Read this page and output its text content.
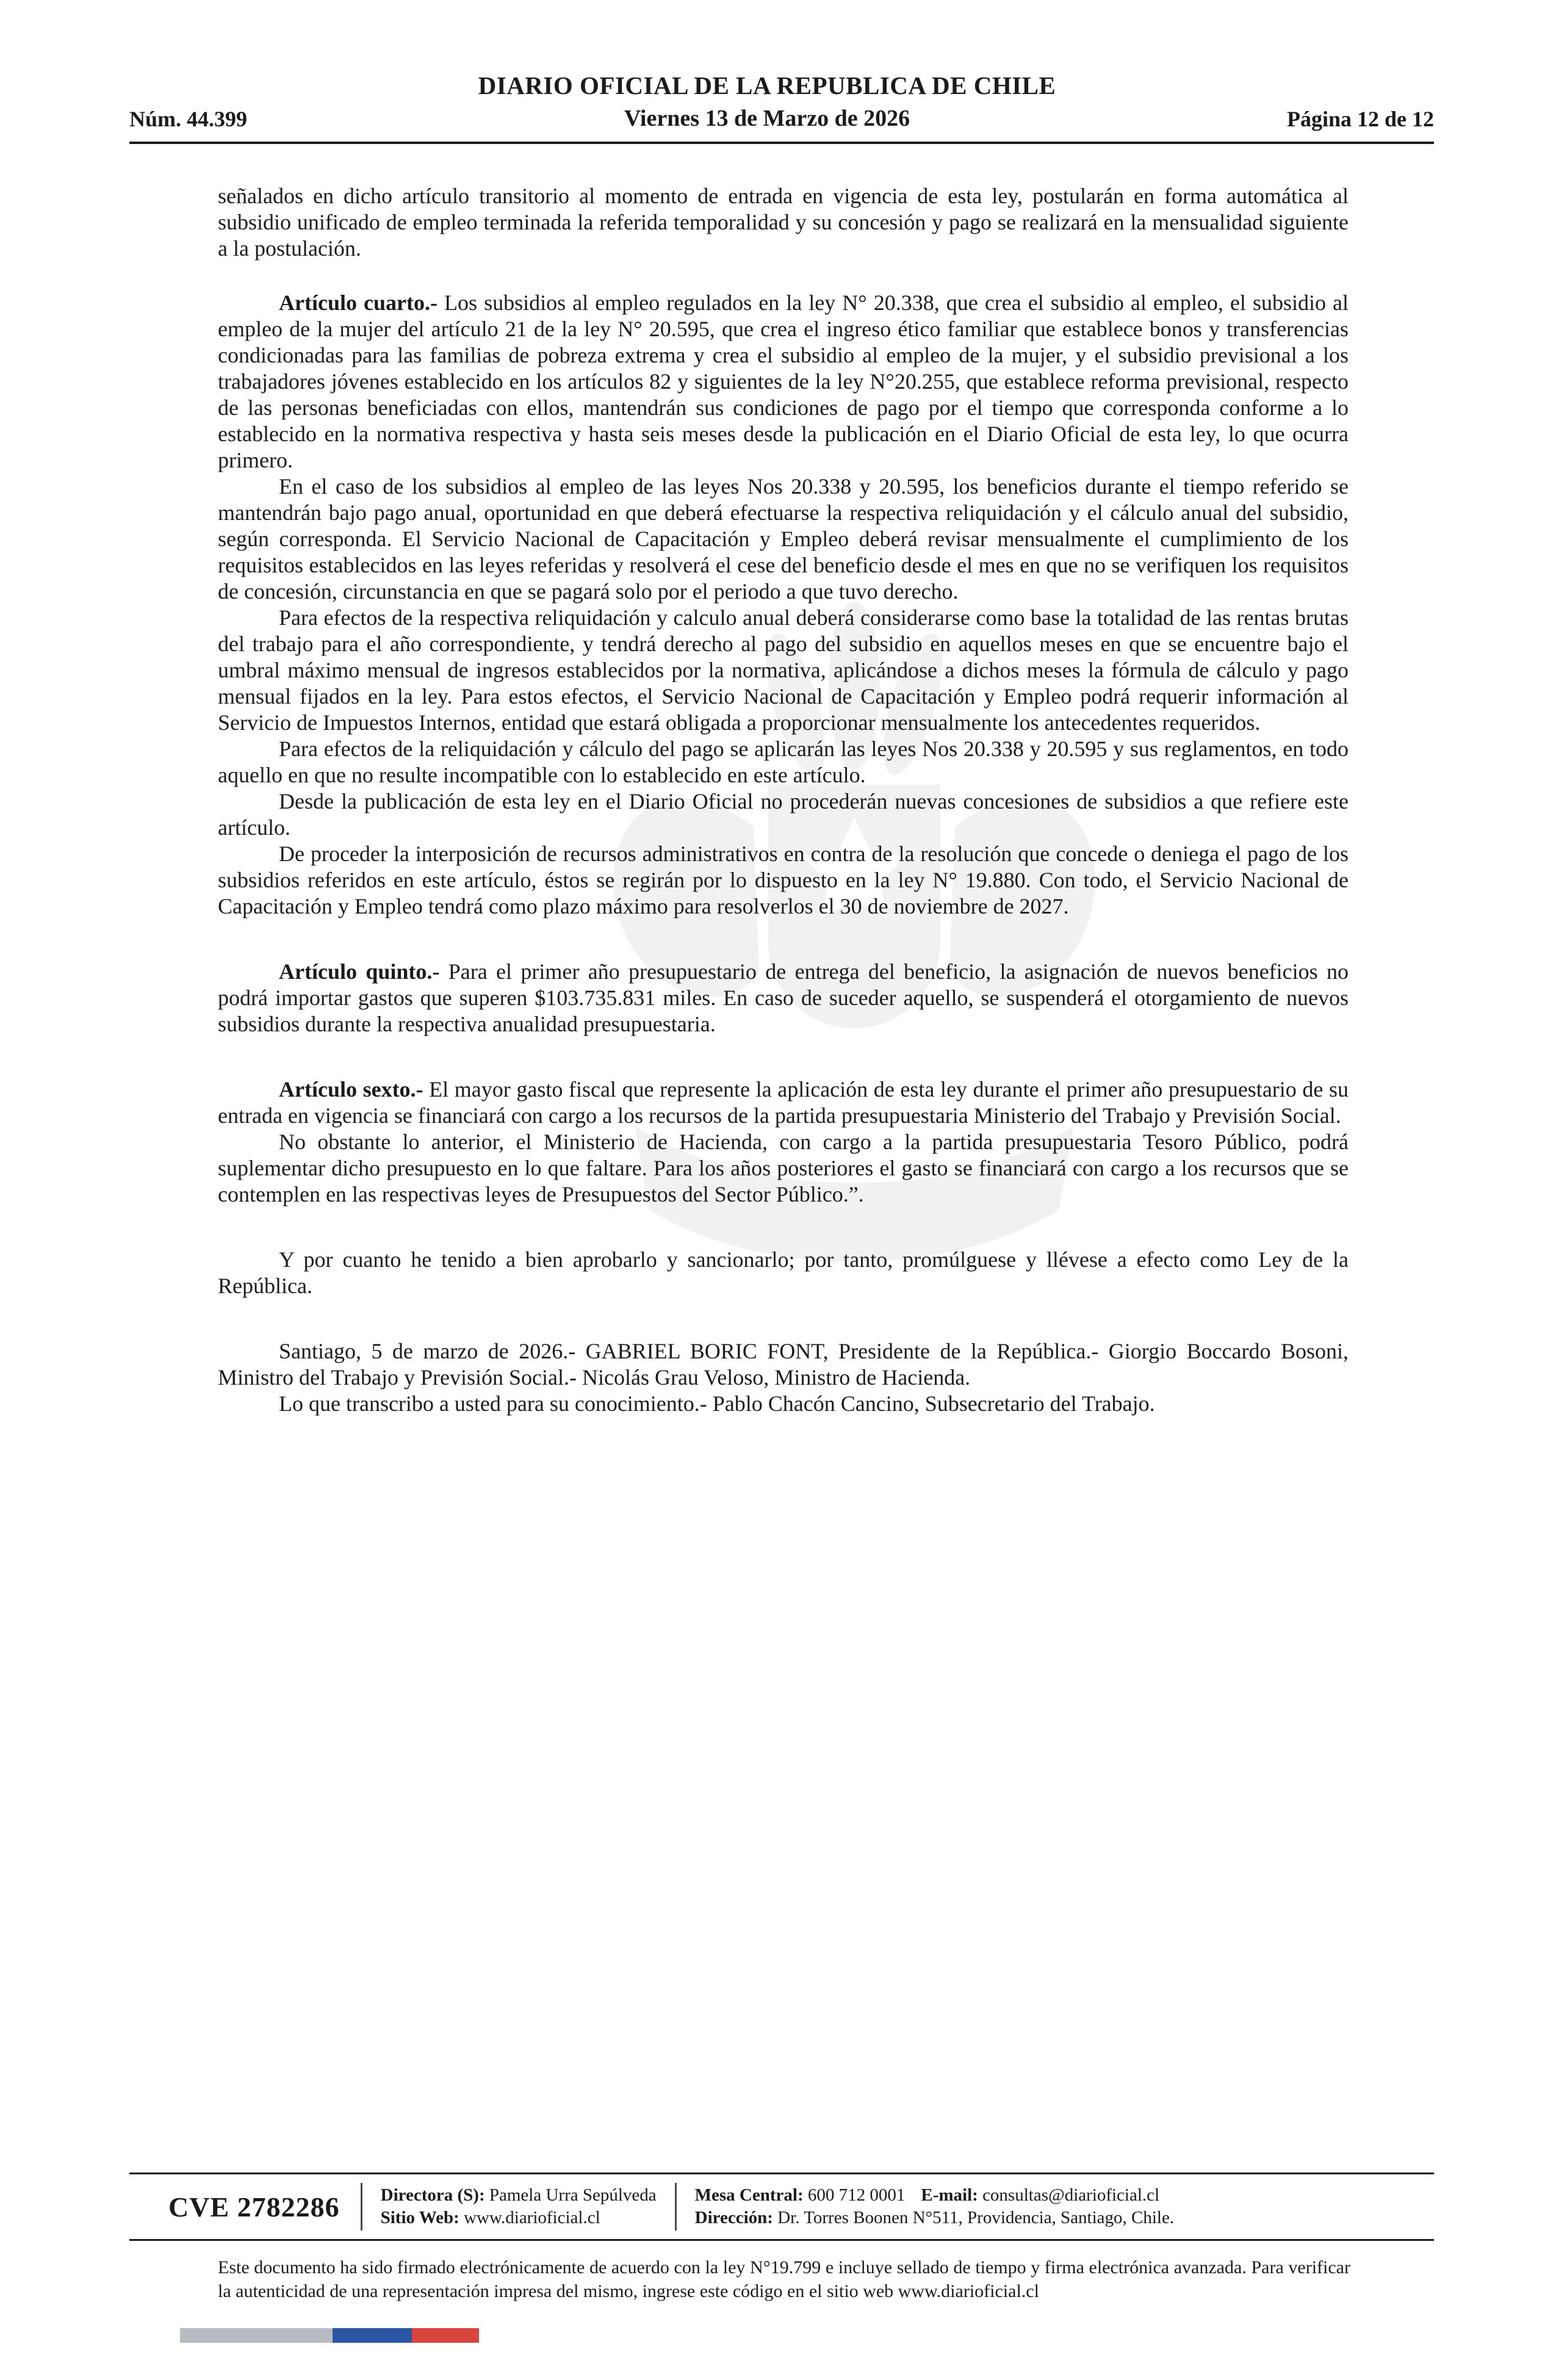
Núm. 44.399
DIARIO OFICIAL DE LA REPUBLICA DE CHILE
Viernes 13 de Marzo de 2026	Página 12 de 12

señalados en dicho artículo transitorio al momento de entrada en vigencia de esta ley, postularán en forma automática al subsidio unificado de empleo terminada la referida temporalidad y su concesión y pago se realizará en la mensualidad siguiente a la postulación.

Artículo cuarto.- Los subsidios al empleo regulados en la ley N° 20.338, que crea el subsidio al empleo, el subsidio al empleo de la mujer del artículo 21 de la ley N° 20.595, que crea el ingreso ético familiar que establece bonos y transferencias condicionadas para las familias de pobreza extrema y crea el subsidio al empleo de la mujer, y el subsidio previsional a los trabajadores jóvenes establecido en los artículos 82 y siguientes de la ley N°20.255, que establece reforma previsional, respecto de las personas beneficiadas con ellos, mantendrán sus condiciones de pago por el tiempo que corresponda conforme a lo establecido en la normativa respectiva y hasta seis meses desde la publicación en el Diario Oficial de esta ley, lo que ocurra primero.

En el caso de los subsidios al empleo de las leyes Nos 20.338 y 20.595, los beneficios durante el tiempo referido se mantendrán bajo pago anual, oportunidad en que deberá efectuarse la respectiva reliquidación y el cálculo anual del subsidio, según corresponda. El Servicio Nacional de Capacitación y Empleo deberá revisar mensualmente el cumplimiento de los requisitos establecidos en las leyes referidas y resolverá el cese del beneficio desde el mes en que no se verifiquen los requisitos de concesión, circunstancia en que se pagará solo por el periodo a que tuvo derecho.

Para efectos de la respectiva reliquidación y calculo anual deberá considerarse como base la totalidad de las rentas brutas del trabajo para el año correspondiente, y tendrá derecho al pago del subsidio en aquellos meses en que se encuentre bajo el umbral máximo mensual de ingresos establecidos por la normativa, aplicándose a dichos meses la fórmula de cálculo y pago mensual fijados en la ley. Para estos efectos, el Servicio Nacional de Capacitación y Empleo podrá requerir información al Servicio de Impuestos Internos, entidad que estará obligada a proporcionar mensualmente los antecedentes requeridos.

Para efectos de la reliquidación y cálculo del pago se aplicarán las leyes Nos 20.338 y 20.595 y sus reglamentos, en todo aquello en que no resulte incompatible con lo establecido en este artículo.

Desde la publicación de esta ley en el Diario Oficial no procederán nuevas concesiones de subsidios a que refiere este artículo.

De proceder la interposición de recursos administrativos en contra de la resolución que concede o deniega el pago de los subsidios referidos en este artículo, éstos se regirán por lo dispuesto en la ley N° 19.880. Con todo, el Servicio Nacional de Capacitación y Empleo tendrá como plazo máximo para resolverlos el 30 de noviembre de 2027.

Artículo quinto.- Para el primer año presupuestario de entrega del beneficio, la asignación de nuevos beneficios no podrá importar gastos que superen $103.735.831 miles. En caso de suceder aquello, se suspenderá el otorgamiento de nuevos subsidios durante la respectiva anualidad presupuestaria.

Artículo sexto.- El mayor gasto fiscal que represente la aplicación de esta ley durante el primer año presupuestario de su entrada en vigencia se financiará con cargo a los recursos de la partida presupuestaria Ministerio del Trabajo y Previsión Social.

No obstante lo anterior, el Ministerio de Hacienda, con cargo a la partida presupuestaria Tesoro Público, podrá suplementar dicho presupuesto en lo que faltare. Para los años posteriores el gasto se financiará con cargo a los recursos que se contemplen en las respectivas leyes de Presupuestos del Sector Público.”.

Y por cuanto he tenido a bien aprobarlo y sancionarlo; por tanto, promúlguese y llévese a efecto como Ley de la República.

Santiago, 5 de marzo de 2026.- GABRIEL BORIC FONT, Presidente de la República.- Giorgio Boccardo Bosoni, Ministro del Trabajo y Previsión Social.- Nicolás Grau Veloso, Ministro de Hacienda.

Lo que transcribo a usted para su conocimiento.- Pablo Chacón Cancino, Subsecretario del Trabajo.

CVE 2782286	Directora (S): Pamela Urra Sepúlveda
Sitio Web: www.diarioficial.cl
Mesa Central: 600 712 0001 E-mail: consultas@diarioficial.cl
Dirección: Dr. Torres Boonen N°511, Providencia, Santiago, Chile.

Este documento ha sido firmado electrónicamente de acuerdo con la ley N°19.799 e incluye sellado de tiempo y firma electrónica avanzada. Para verificar la autenticidad de una representación impresa del mismo, ingrese este código en el sitio web www.diarioficial.cl
